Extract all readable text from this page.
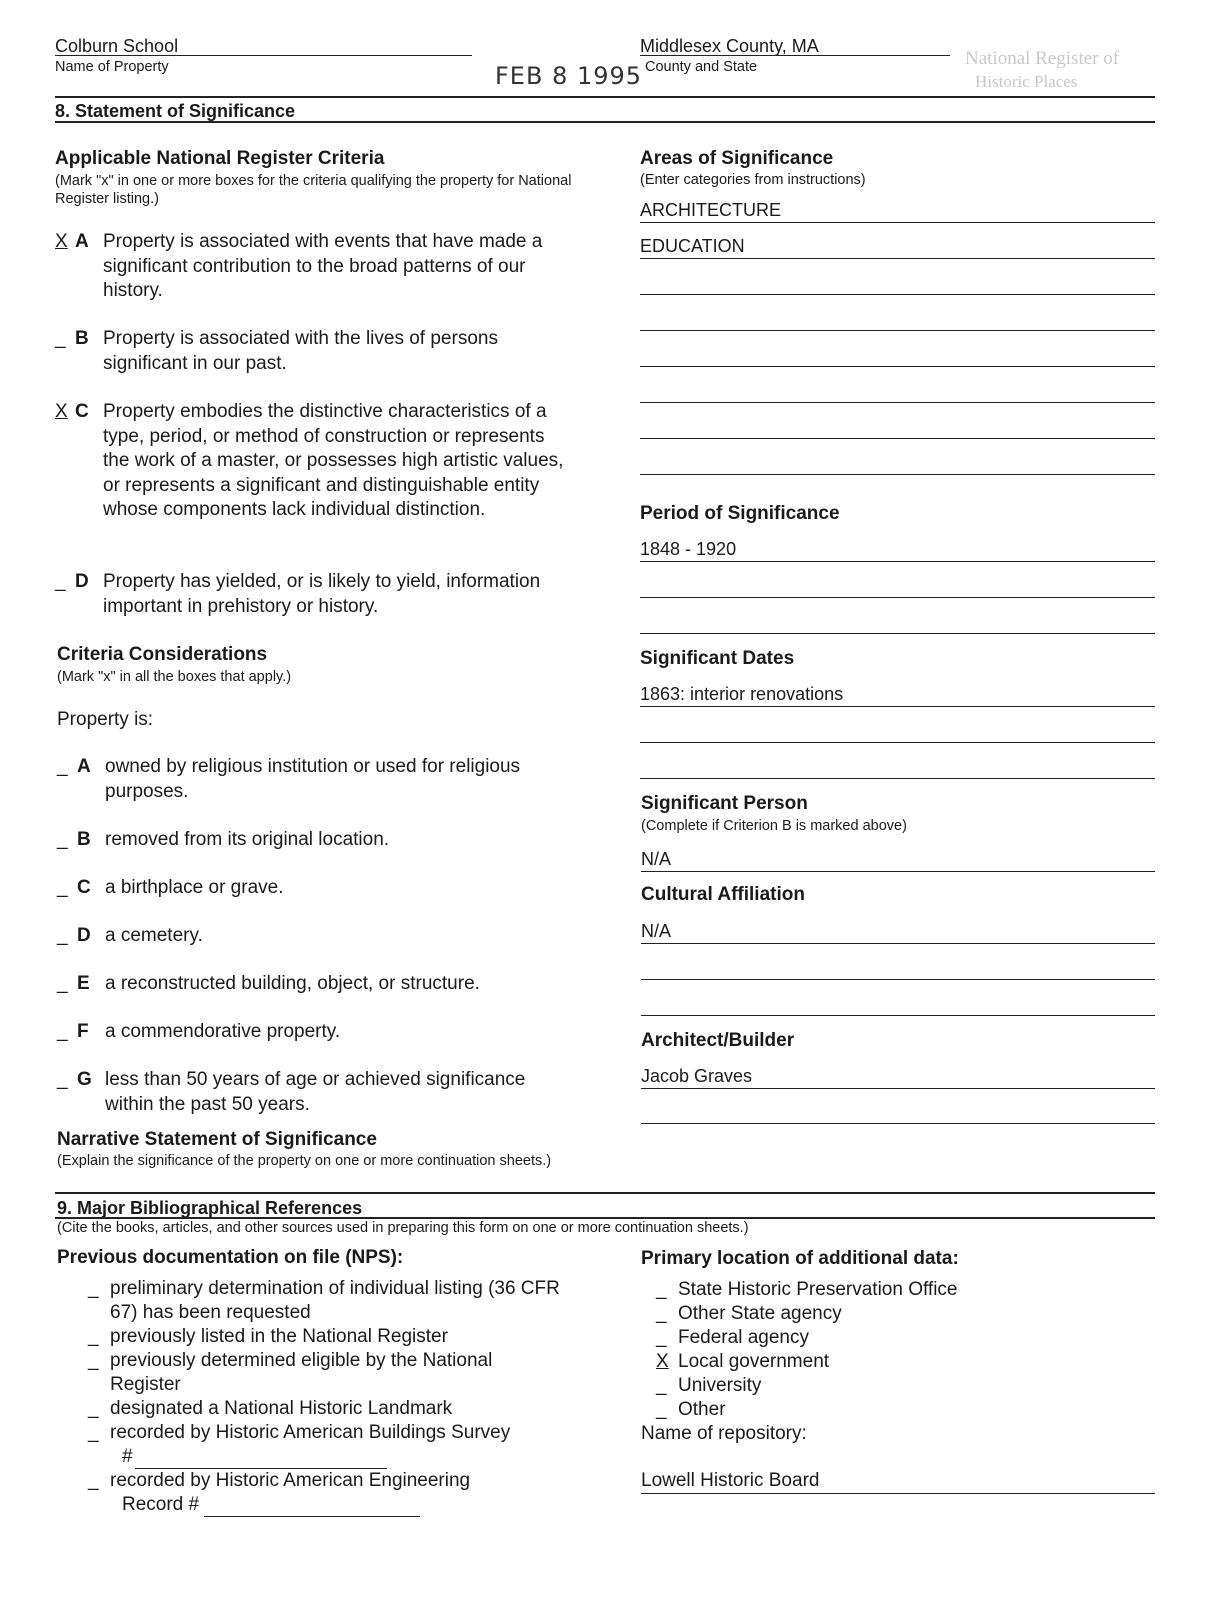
Colburn School
Name of Property	FEB 8 1995
Middlesex County, MA
County and State	National Register of
Historic Places
8. Statement of Significance
Applicable National Register Criteria
(Mark "x" in one or more boxes for the criteria qualifying the property for National Register listing.)
X A Property is associated with events that have made a significant contribution to the broad patterns of our history.
_ B Property is associated with the lives of persons significant in our past.
X C Property embodies the distinctive characteristics of a type, period, or method of construction or represents the work of a master, or possesses high artistic values, or represents a significant and distinguishable entity whose components lack individual distinction.
_ D Property has yielded, or is likely to yield, information important in prehistory or history.
Criteria Considerations
(Mark "x" in all the boxes that apply.)
Property is:
_ A owned by religious institution or used for religious purposes.
_ B removed from its original location.
_ C a birthplace or grave.
_ D a cemetery.
_ E a reconstructed building, object, or structure.
_ F a commendorative property.
_ G less than 50 years of age or achieved significance within the past 50 years.
Narrative Statement of Significance
(Explain the significance of the property on one or more continuation sheets.)
Areas of Significance
(Enter categories from instructions)
ARCHITECTURE
EDUCATION
Period of Significance
1848 - 1920
Significant Dates
1863: interior renovations
Significant Person
(Complete if Criterion B is marked above)
N/A
Cultural Affiliation
N/A
Architect/Builder
Jacob Graves
9. Major Bibliographical References
(Cite the books, articles, and other sources used in preparing this form on one or more continuation sheets.)
Previous documentation on file (NPS):
_ preliminary determination of individual listing (36 CFR 67) has been requested
_ previously listed in the National Register
_ previously determined eligible by the National Register
_ designated a National Historic Landmark
_ recorded by Historic American Buildings Survey
#
_ recorded by Historic American Engineering
Record #
Primary location of additional data:
_ State Historic Preservation Office
_ Other State agency
_ Federal agency
X Local government
_ University
_ Other
Name of repository:
Lowell Historic Board
